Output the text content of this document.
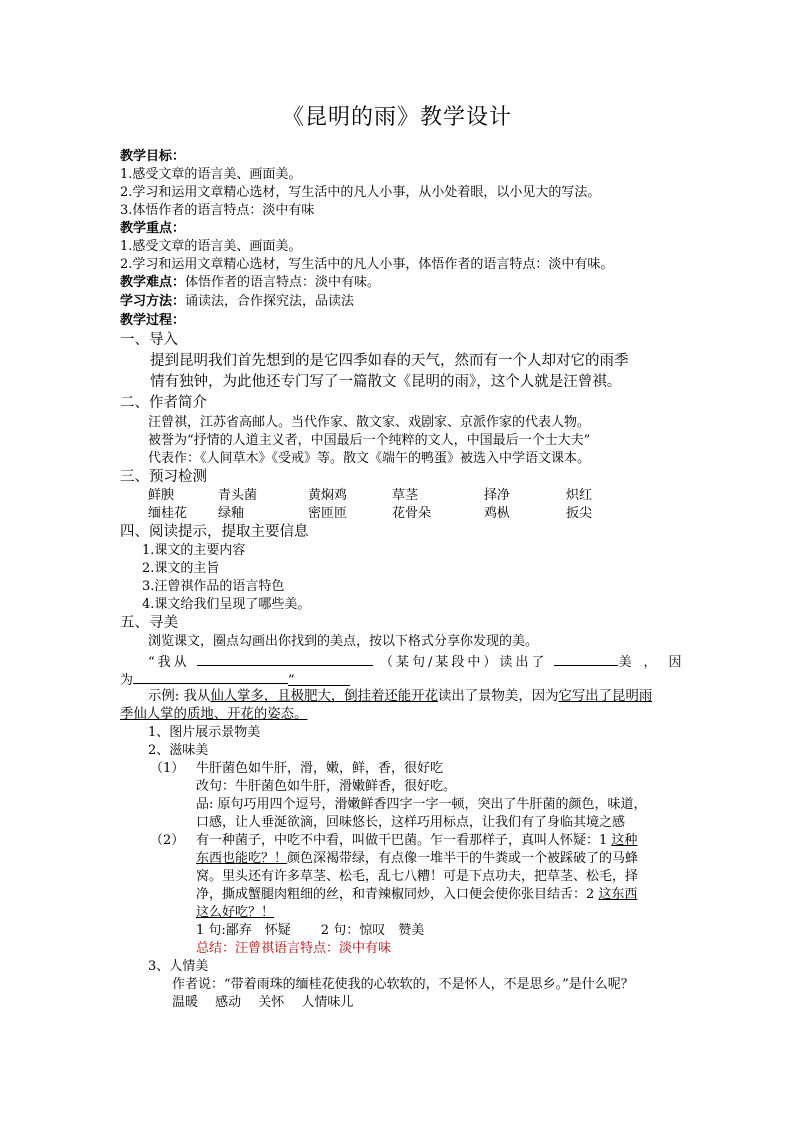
《昆明的雨》教学设计
教学目标：
1.感受文章的语言美、画面美。
2.学习和运用文章精心选材，写生活中的凡人小事，从小处着眼，以小见大的写法。
3.体悟作者的语言特点：淡中有味
教学重点：
1.感受文章的语言美、画面美。
2.学习和运用文章精心选材，写生活中的凡人小事，体悟作者的语言特点：淡中有味。
教学难点：体悟作者的语言特点：淡中有味。
学习方法：诵读法，合作探究法，品读法
教学过程：
一、导入
提到昆明我们首先想到的是它四季如春的天气，然而有一个人却对它的雨季
情有独钟，为此他还专门写了一篇散文《昆明的雨》，这个人就是汪曾祺。
二、作者简介
汪曾祺，江苏省高邮人。当代作家、散文家、戏剧家、京派作家的代表人物。
被誉为“抒情的人道主义者，中国最后一个纯粹的文人，中国最后一个士大夫”
代表作：《人间草木》《受戒》等。散文《端午的鸭蛋》被选入中学语文课本。
三、预习检测
鲜腴	青头菌	黄焖鸡	草茎	择净	炽红
缅桂花 绿釉	密匝匝	花骨朵	鸡枞	扳尖
四、阅读提示，提取主要信息
1.课文的主要内容
2.课文的主旨
3.汪曾祺作品的语言特色
4.课文给我们呈现了哪些美。
五、寻美
浏览课文，圈点勾画出你找到的美点，按以下格式分享你发现的美。
“我从	（某句/某段中）读出了	美，因
为	”
示例: 我从仙人掌多，且极肥大，倒挂着还能开花读出了景物美，因为它写出了昆明雨
季仙人掌的质地、开花的姿态。
1、图片展示景物美
2、滋味美
（1） 牛肝菌色如牛肝，滑，嫩，鲜，香，很好吃
改句：牛肝菌色如牛肝，滑嫩鲜香，很好吃。
品: 原句巧用四个逗号，滑嫩鲜香四字一字一顿，突出了牛肝菌的颜色，味道，
口感，让人垂涎欲滴，回味悠长，这样巧用标点，让我们有了身临其境之感
（2） 有一种菌子，中吃不中看，叫做干巴菌。乍一看那样子，真叫人怀疑：1 这种
东西也能吃？！颜色深褐带绿，有点像一堆半干的牛粪或一个被踩破了的马蜂
窝。里头还有许多草茎、松毛，乱七八糟！可是下点功夫，把草茎、松毛，择
净，撕成蟹腿肉粗细的丝，和青辣椒同炒，入口便会使你张目结舌：2 这东西
这么好吃？！
1 句:鄙弃　怀疑 2 句：惊叹　赞美
总结：汪曾祺语言特点：淡中有味
3、人情美
作者说：“带着雨珠的缅桂花使我的心软软的，不是怀人，不是思乡。”是什么呢？
温暖　 感动　 关怀　 人情味儿
